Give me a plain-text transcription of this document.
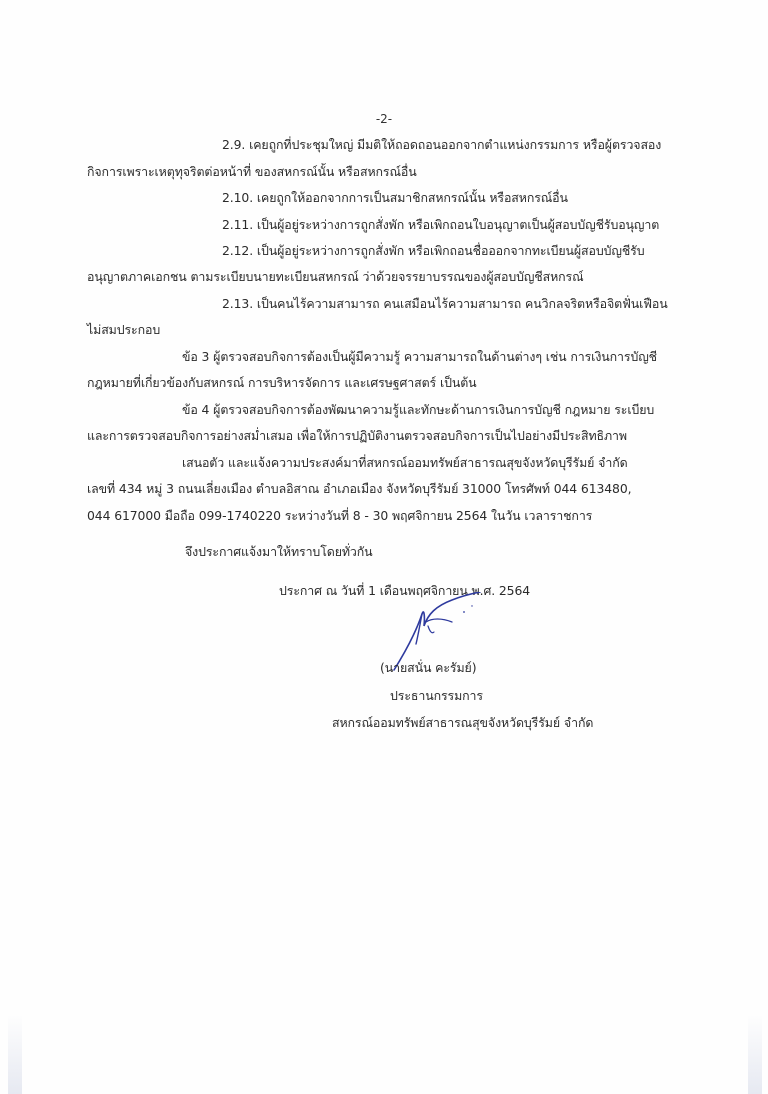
-2-
2.9. เคยถูกที่ประชุมใหญ่ มีมติให้ถอดถอนออกจากตำแหน่งกรรมการ หรือผู้ตรวจสอง
กิจการเพราะเหตุทุจริตต่อหน้าที่ ของสหกรณ์นั้น หรือสหกรณ์อื่น
2.10. เคยถูกให้ออกจากการเป็นสมาชิกสหกรณ์นั้น หรือสหกรณ์อื่น
2.11. เป็นผู้อยู่ระหว่างการถูกสั่งพัก หรือเพิกถอนใบอนุญาตเป็นผู้สอบบัญชีรับอนุญาต
2.12. เป็นผู้อยู่ระหว่างการถูกสั่งพัก หรือเพิกถอนชื่อออกจากทะเบียนผู้สอบบัญชีรับ
อนุญาตภาคเอกชน ตามระเบียบนายทะเบียนสหกรณ์ ว่าด้วยจรรยาบรรณของผู้สอบบัญชีสหกรณ์
2.13. เป็นคนไร้ความสามารถ คนเสมือนไร้ความสามารถ คนวิกลจริตหรือจิตฟั่นเฟือน
ไม่สมประกอบ
ข้อ 3 ผู้ตรวจสอบกิจการต้องเป็นผู้มีความรู้ ความสามารถในด้านต่างๆ เช่น การเงินการบัญชี
กฎหมายที่เกี่ยวข้องกับสหกรณ์ การบริหารจัดการ และเศรษฐศาสตร์ เป็นต้น
ข้อ 4 ผู้ตรวจสอบกิจการต้องพัฒนาความรู้และทักษะด้านการเงินการบัญชี กฎหมาย ระเบียบ
และการตรวจสอบกิจการอย่างสม่ำเสมอ เพื่อให้การปฏิบัติงานตรวจสอบกิจการเป็นไปอย่างมีประสิทธิภาพ
เสนอตัว และแจ้งความประสงค์มาที่สหกรณ์ออมทรัพย์สาธารณสุขจังหวัดบุรีรัมย์ จำกัด
เลขที่ 434 หมู่ 3 ถนนเลี่ยงเมือง ตำบลอิสาณ อำเภอเมือง จังหวัดบุรีรัมย์ 31000 โทรศัพท์ 044 613480,
044 617000 มือถือ 099-1740220 ระหว่างวันที่ 8 - 30 พฤศจิกายน 2564 ในวัน เวลาราชการ
จึงประกาศแจ้งมาให้ทราบโดยทั่วกัน
ประกาศ ณ วันที่ 1 เดือนพฤศจิกายน พ.ศ. 2564
(นายสนั่น คะรัมย์)
ประธานกรรมการ
สหกรณ์ออมทรัพย์สาธารณสุขจังหวัดบุรีรัมย์ จำกัด
